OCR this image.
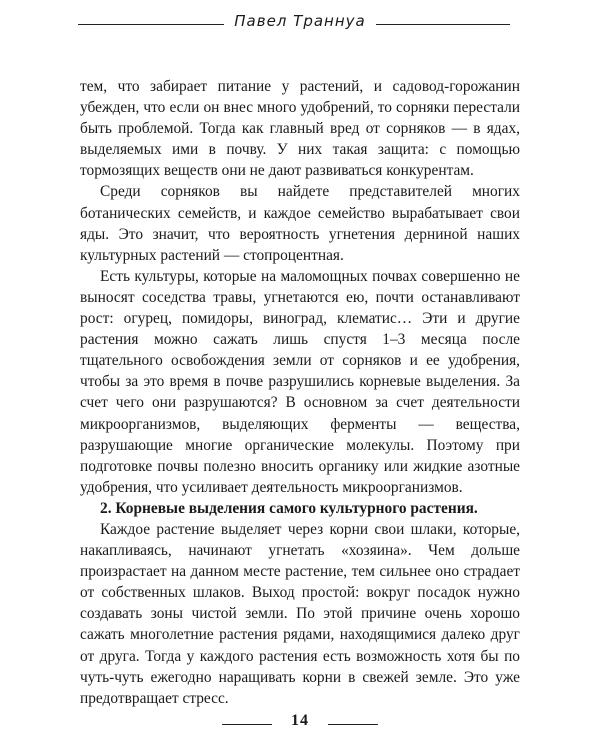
Павел Траннуа

тем, что забирает питание у растений, и садовод-горожанин убежден, что если он внес много удобрений, то сорняки перестали быть проблемой. Тогда как главный вред от сорняков — в ядах, выделяемых ими в почву. У них такая защита: с помощью тормозящих веществ они не дают развиваться конкурентам.

Среди сорняков вы найдете представителей многих ботанических семейств, и каждое семейство вырабатывает свои яды. Это значит, что вероятность угнетения дерниной наших культурных растений — стопроцентная.

Есть культуры, которые на маломощных почвах совершенно не выносят соседства травы, угнетаются ею, почти останавливают рост: огурец, помидоры, виноград, клематис… Эти и другие растения можно сажать лишь спустя 1–3 месяца после тщательного освобождения земли от сорняков и ее удобрения, чтобы за это время в почве разрушились корневые выделения. За счет чего они разрушаются? В основном за счет деятельности микроорганизмов, выделяющих ферменты — вещества, разрушающие многие органические молекулы. Поэтому при подготовке почвы полезно вносить органику или жидкие азотные удобрения, что усиливает деятельность микроорганизмов.

2. Корневые выделения самого культурного растения.

Каждое растение выделяет через корни свои шлаки, которые, накапливаясь, начинают угнетать «хозяина». Чем дольше произрастает на данном месте растение, тем сильнее оно страдает от собственных шлаков. Выход простой: вокруг посадок нужно создавать зоны чистой земли. По этой причине очень хорошо сажать многолетние растения рядами, находящимися далеко друг от друга. Тогда у каждого растения есть возможность хотя бы по чуть-чуть ежегодно наращивать корни в свежей земле. Это уже предотвращает стресс.

14
